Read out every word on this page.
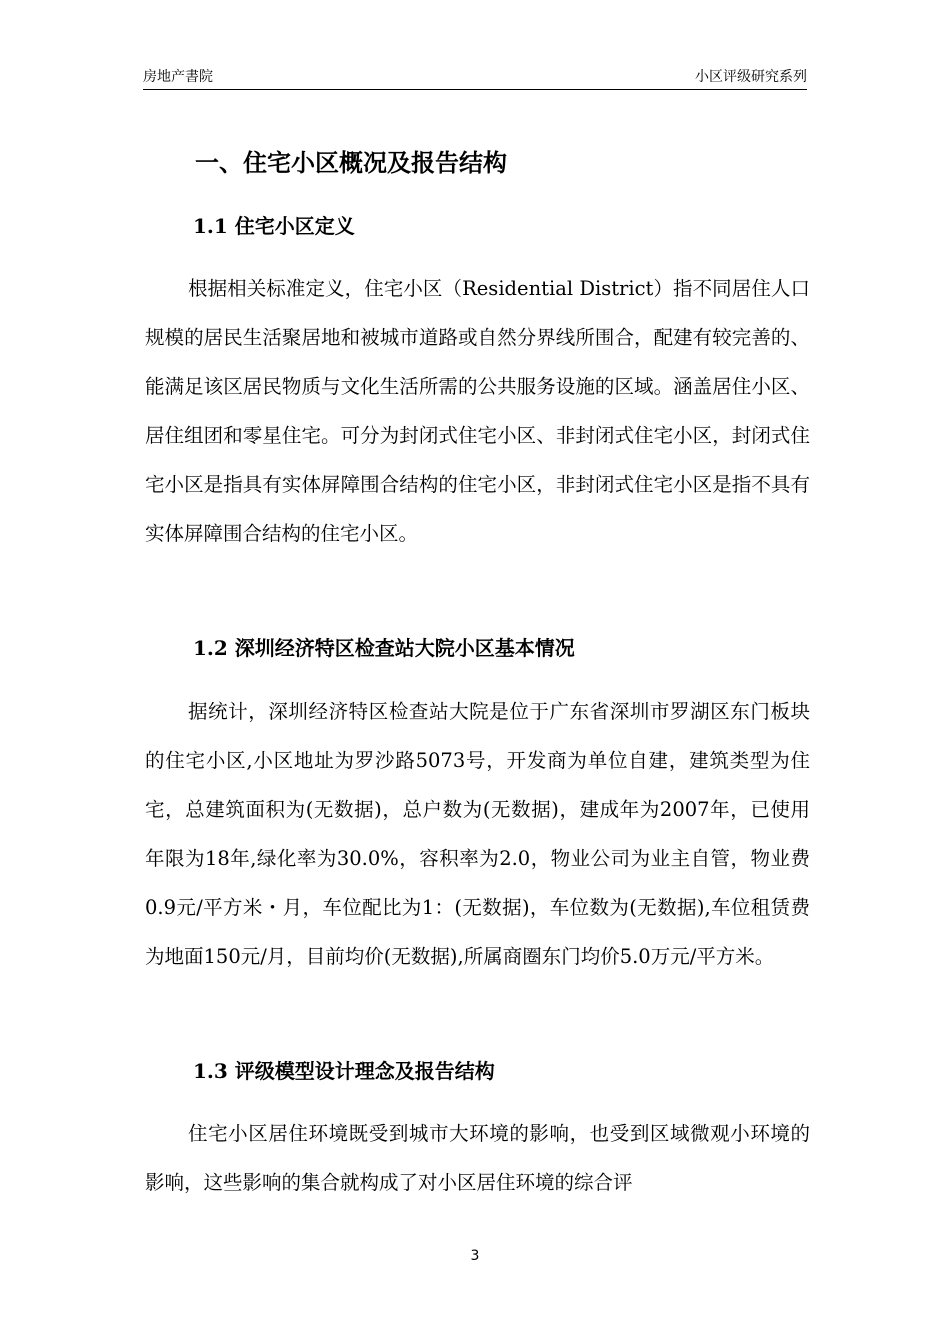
房地产書院	小区评级研究系列
一、住宅小区概况及报告结构
1.1 住宅小区定义
根据相关标准定义，住宅小区（Residential District）指不同居住人口规模的居民生活聚居地和被城市道路或自然分界线所围合，配建有较完善的、能满足该区居民物质与文化生活所需的公共服务设施的区域。涵盖居住小区、居住组团和零星住宅。可分为封闭式住宅小区、非封闭式住宅小区，封闭式住宅小区是指具有实体屏障围合结构的住宅小区，非封闭式住宅小区是指不具有实体屏障围合结构的住宅小区。
1.2 深圳经济特区检查站大院小区基本情况
据统计，深圳经济特区检查站大院是位于广东省深圳市罗湖区东门板块的住宅小区,小区地址为罗沙路5073号，开发商为单位自建，建筑类型为住宅，总建筑面积为(无数据)，总户数为(无数据)，建成年为2007年，已使用年限为18年,绿化率为30.0%，容积率为2.0，物业公司为业主自管，物业费0.9元/平方米・月，车位配比为1：(无数据)，车位数为(无数据),车位租赁费为地面150元/月，目前均价(无数据),所属商圈东门均价5.0万元/平方米。
1.3 评级模型设计理念及报告结构
住宅小区居住环境既受到城市大环境的影响，也受到区域微观小环境的影响，这些影响的集合就构成了对小区居住环境的综合评
3
